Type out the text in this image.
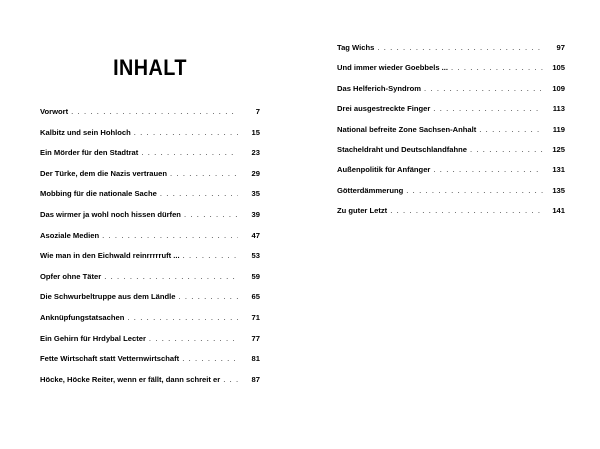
INHALT
Vorwort . . .	7
Kalbitz und sein Hohloch . . .	15
Ein Mörder für den Stadtrat . . .	23
Der Türke, dem die Nazis vertrauen . . .	29
Mobbing für die nationale Sache . . .	35
Das wirmer ja wohl noch hissen dürfen . . .	39
Asoziale Medien . . .	47
Wie man in den Eichwald reinrrrrruft ... . . .	53
Opfer ohne Täter . . .	59
Die Schwurbeltruppe aus dem Ländle . . .	65
Anknüpfungstatsachen . . .	71
Ein Gehirn für Hrdybal Lecter . . .	77
Fette Wirtschaft statt Vetternwirtschaft . . .	81
Höcke, Höcke Reiter, wenn er fällt, dann schreit er . . .	87
Tag Wichs . . .	97
Und immer wieder Goebbels ... . . .	105
Das Helferich-Syndrom . . .	109
Drei ausgestreckte Finger . . .	113
National befreite Zone Sachsen-Anhalt . . .	119
Stacheldraht und Deutschlandfahne . . .	125
Außenpolitik für Anfänger . . .	131
Götterdämmerung . . .	135
Zu guter Letzt . . .	141
